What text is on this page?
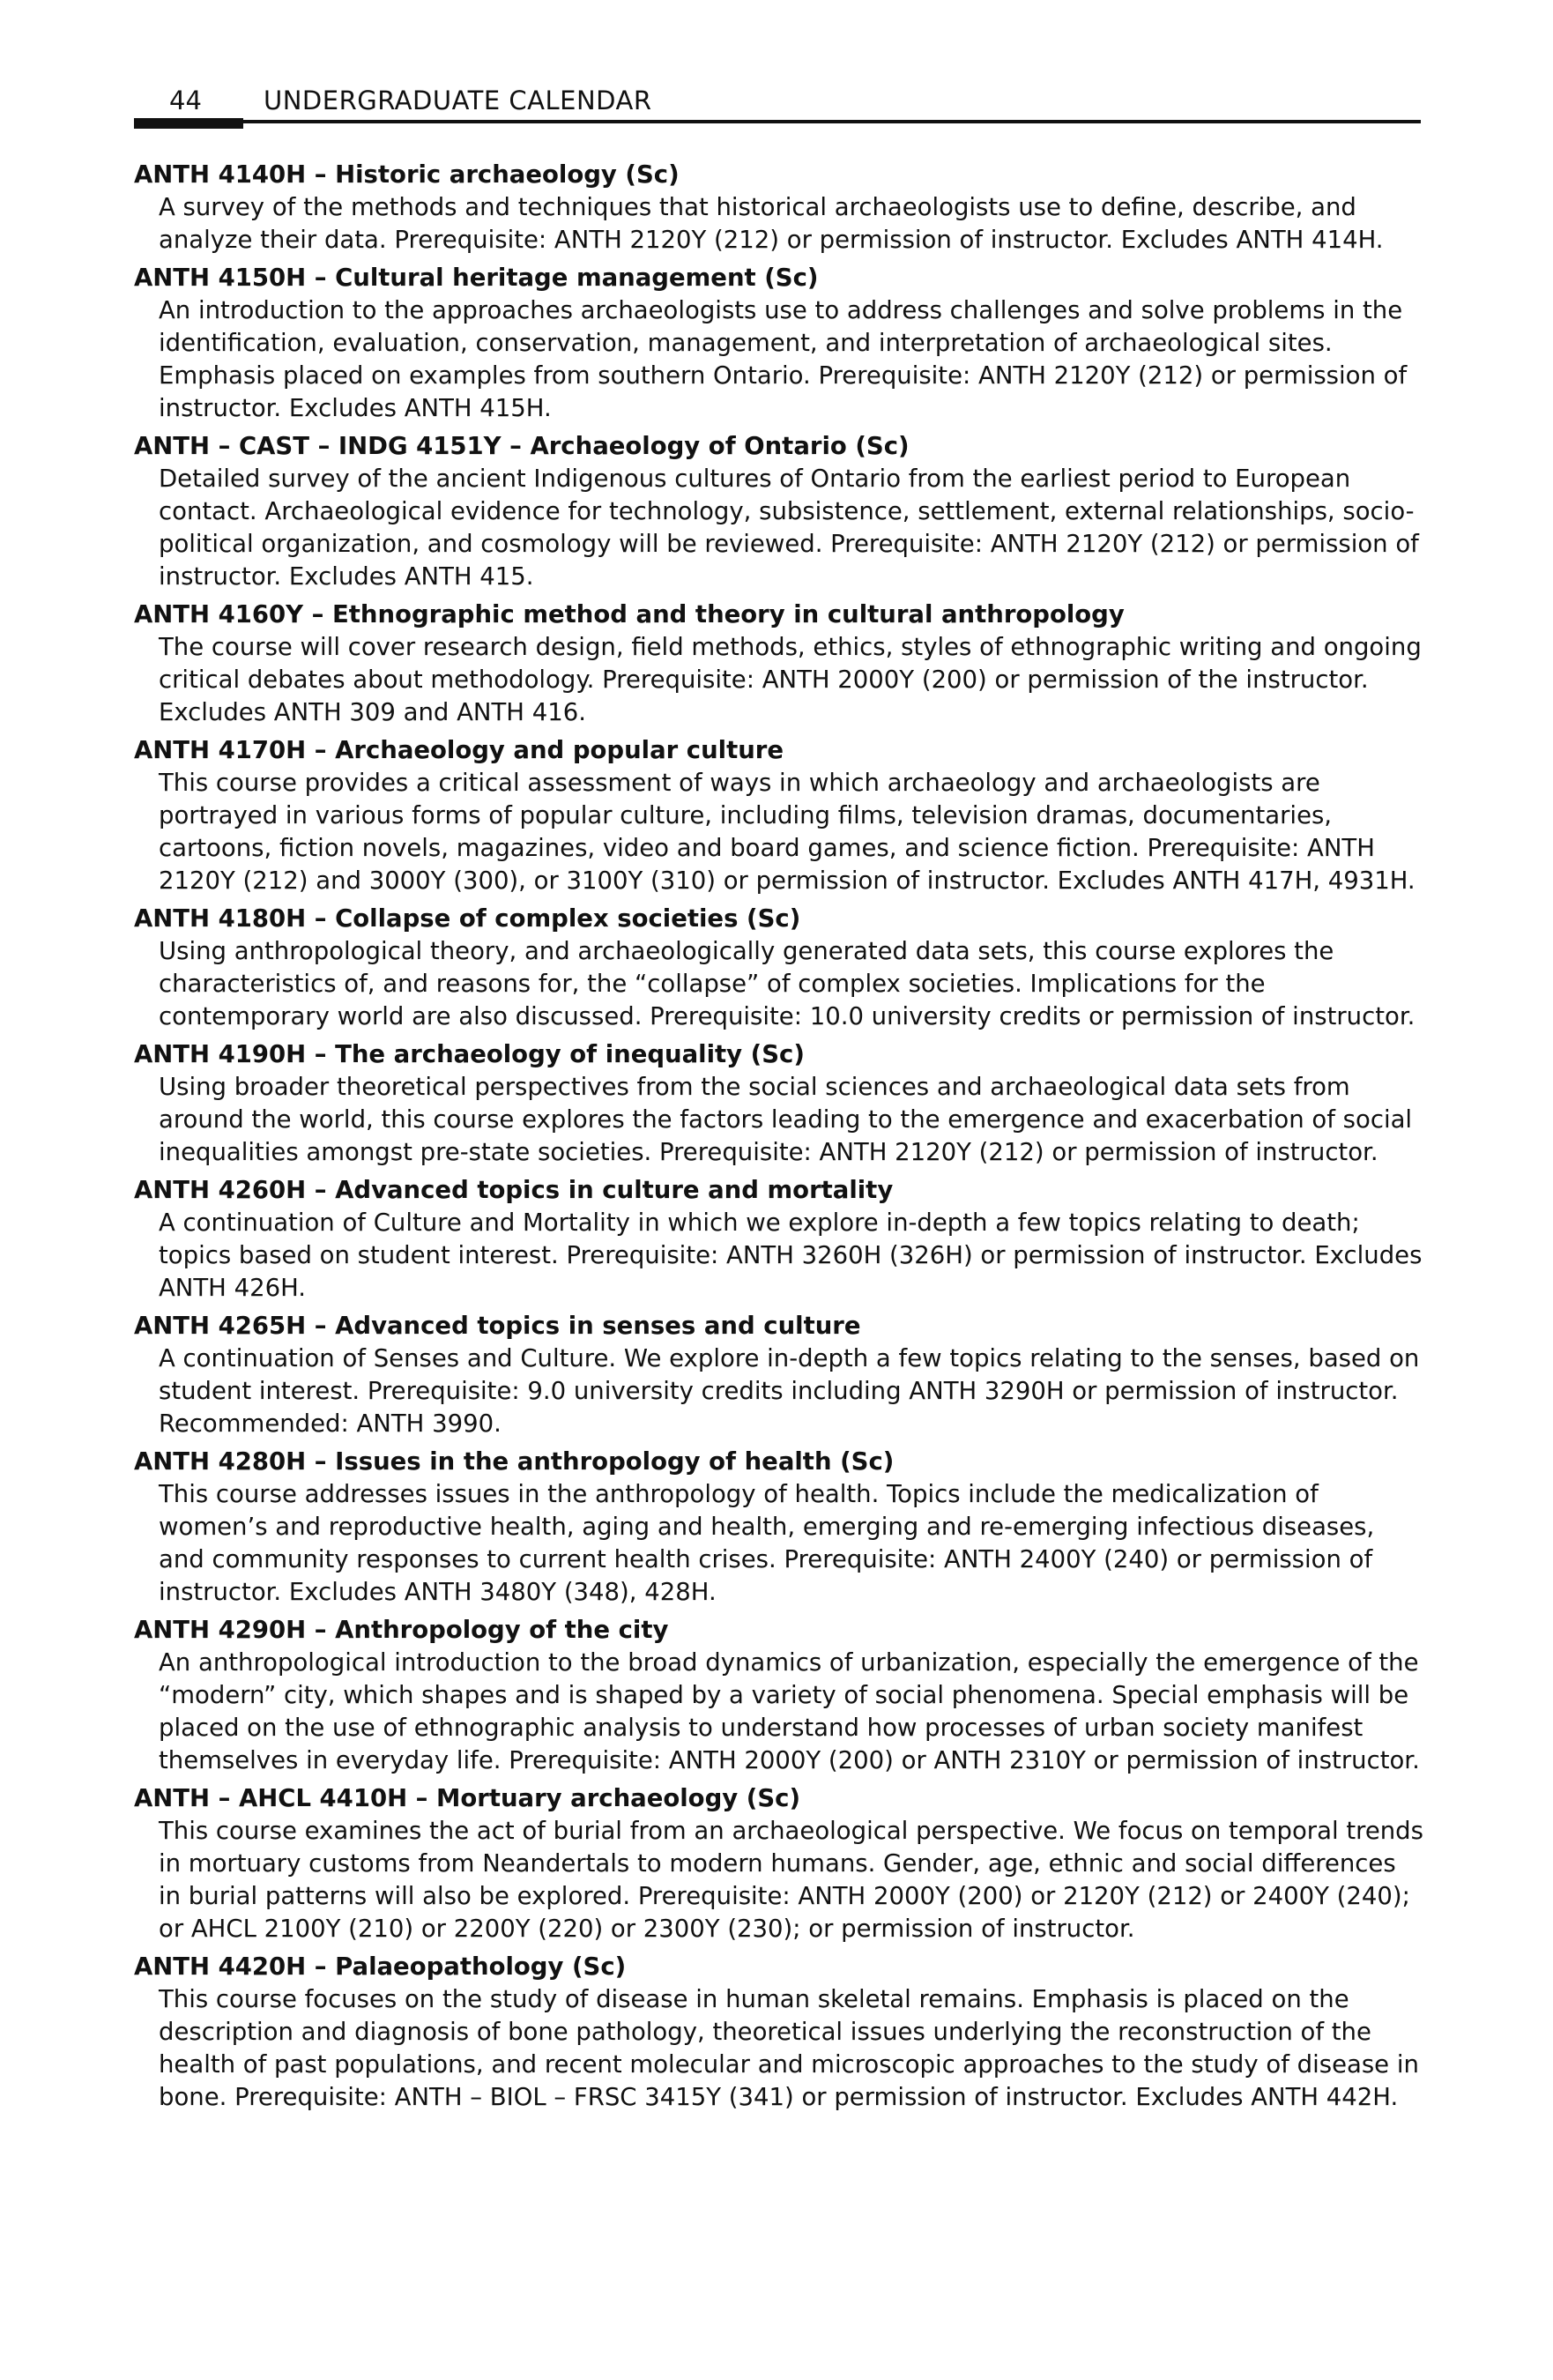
44 UNDERGRADUATE CALENDAR

ANTH 4140H – Historic archaeology (Sc)

A survey of the methods and techniques that historical archaeologists use to define, describe, and analyze their data. Prerequisite: ANTH 2120Y (212) or permission of instructor. Excludes ANTH 414H.

ANTH 4150H – Cultural heritage management (Sc)

An introduction to the approaches archaeologists use to address challenges and solve problems in the identification, evaluation, conservation, management, and interpretation of archaeological sites. Emphasis placed on examples from southern Ontario. Prerequisite: ANTH 2120Y (212) or permission of instructor. Excludes ANTH 415H.

ANTH – CAST – INDG 4151Y – Archaeology of Ontario (Sc)

Detailed survey of the ancient Indigenous cultures of Ontario from the earliest period to European contact. Archaeological evidence for technology, subsistence, settlement, external relationships, socio-political organization, and cosmology will be reviewed. Prerequisite: ANTH 2120Y (212) or permission of instructor. Excludes ANTH 415.

ANTH 4160Y – Ethnographic method and theory in cultural anthropology

The course will cover research design, field methods, ethics, styles of ethnographic writing and ongoing critical debates about methodology. Prerequisite: ANTH 2000Y (200) or permission of the instructor. Excludes ANTH 309 and ANTH 416.

ANTH 4170H – Archaeology and popular culture

This course provides a critical assessment of ways in which archaeology and archaeologists are portrayed in various forms of popular culture, including films, television dramas, documentaries, cartoons, fiction novels, magazines, video and board games, and science fiction. Prerequisite: ANTH 2120Y (212) and 3000Y (300), or 3100Y (310) or permission of instructor. Excludes ANTH 417H, 4931H.

ANTH 4180H – Collapse of complex societies (Sc)

Using anthropological theory, and archaeologically generated data sets, this course explores the characteristics of, and reasons for, the “collapse” of complex societies. Implications for the contemporary world are also discussed. Prerequisite: 10.0 university credits or permission of instructor.

ANTH 4190H – The archaeology of inequality (Sc)

Using broader theoretical perspectives from the social sciences and archaeological data sets from around the world, this course explores the factors leading to the emergence and exacerbation of social inequalities amongst pre-state societies. Prerequisite: ANTH 2120Y (212) or permission of instructor.

ANTH 4260H – Advanced topics in culture and mortality

A continuation of Culture and Mortality in which we explore in-depth a few topics relating to death; topics based on student interest. Prerequisite: ANTH 3260H (326H) or permission of instructor. Excludes ANTH 426H.

ANTH 4265H – Advanced topics in senses and culture

A continuation of Senses and Culture. We explore in-depth a few topics relating to the senses, based on student interest. Prerequisite: 9.0 university credits including ANTH 3290H or permission of instructor. Recommended: ANTH 3990.

ANTH 4280H – Issues in the anthropology of health (Sc)

This course addresses issues in the anthropology of health. Topics include the medicalization of women’s and reproductive health, aging and health, emerging and re-emerging infectious diseases, and community responses to current health crises. Prerequisite: ANTH 2400Y (240) or permission of instructor. Excludes ANTH 3480Y (348), 428H.

ANTH 4290H – Anthropology of the city

An anthropological introduction to the broad dynamics of urbanization, especially the emergence of the “modern” city, which shapes and is shaped by a variety of social phenomena. Special emphasis will be placed on the use of ethnographic analysis to understand how processes of urban society manifest themselves in everyday life. Prerequisite: ANTH 2000Y (200) or ANTH 2310Y or permission of instructor.

ANTH – AHCL 4410H – Mortuary archaeology (Sc)

This course examines the act of burial from an archaeological perspective. We focus on temporal trends in mortuary customs from Neandertals to modern humans. Gender, age, ethnic and social differences in burial patterns will also be explored. Prerequisite: ANTH 2000Y (200) or 2120Y (212) or 2400Y (240); or AHCL 2100Y (210) or 2200Y (220) or 2300Y (230); or permission of instructor.

ANTH 4420H – Palaeopathology (Sc)

This course focuses on the study of disease in human skeletal remains. Emphasis is placed on the description and diagnosis of bone pathology, theoretical issues underlying the reconstruction of the health of past populations, and recent molecular and microscopic approaches to the study of disease in bone. Prerequisite: ANTH – BIOL – FRSC 3415Y (341) or permission of instructor. Excludes ANTH 442H.
